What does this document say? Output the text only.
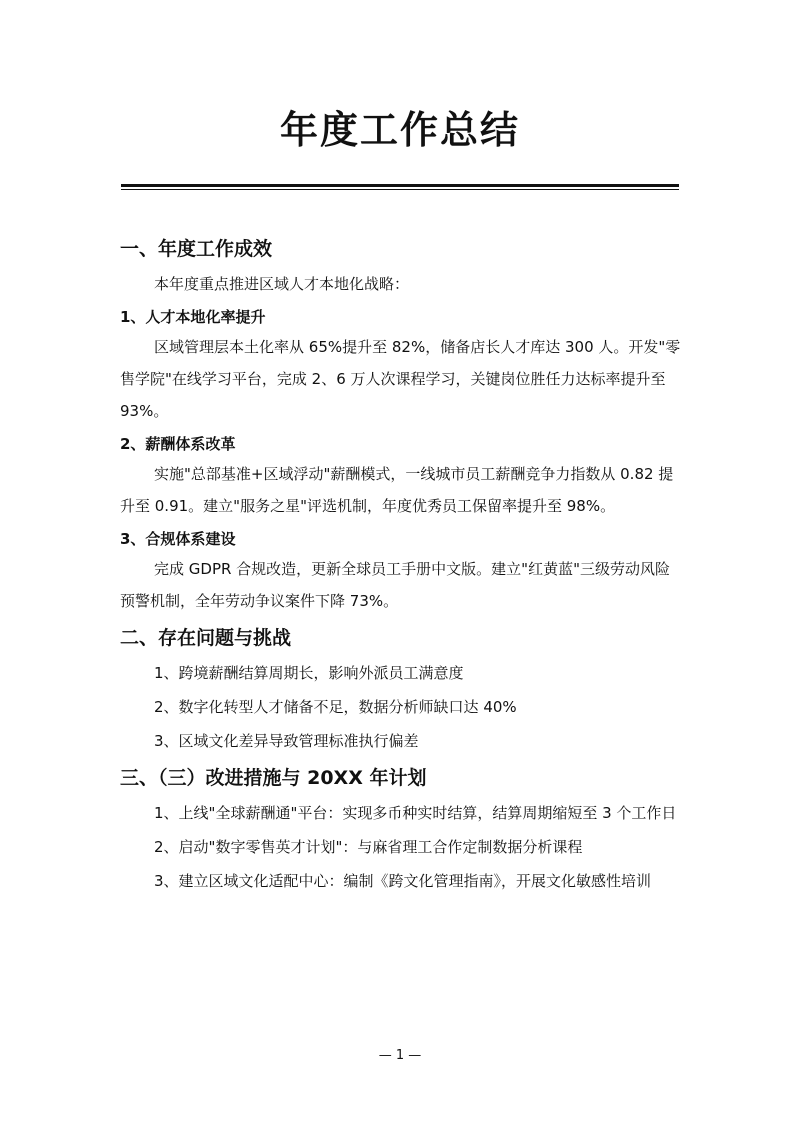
年度工作总结
一、年度工作成效

本年度重点推进区域人才本地化战略：

1、人才本地化率提升

区域管理层本土化率从 65%提升至 82%，储备店长人才库达 300 人。开发"零售学院"在线学习平台，完成 2、6 万人次课程学习，关键岗位胜任力达标率提升至 93%。

2、薪酬体系改革

实施"总部基准+区域浮动"薪酬模式，一线城市员工薪酬竞争力指数从 0.82 提升至 0.91。建立"服务之星"评选机制，年度优秀员工保留率提升至 98%。

3、合规体系建设

完成 GDPR 合规改造，更新全球员工手册中文版。建立"红黄蓝"三级劳动风险预警机制，全年劳动争议案件下降 73%。

二、存在问题与挑战
1、跨境薪酬结算周期长，影响外派员工满意度
2、数字化转型人才储备不足，数据分析师缺口达 40%
3、区域文化差异导致管理标准执行偏差
三、（三）改进措施与 20XX 年计划
1、上线"全球薪酬通"平台：实现多币种实时结算，结算周期缩短至 3 个工作日
2、启动"数字零售英才计划"：与麻省理工合作定制数据分析课程
3、建立区域文化适配中心：编制《跨文化管理指南》，开展文化敏感性培训
— 1 —
